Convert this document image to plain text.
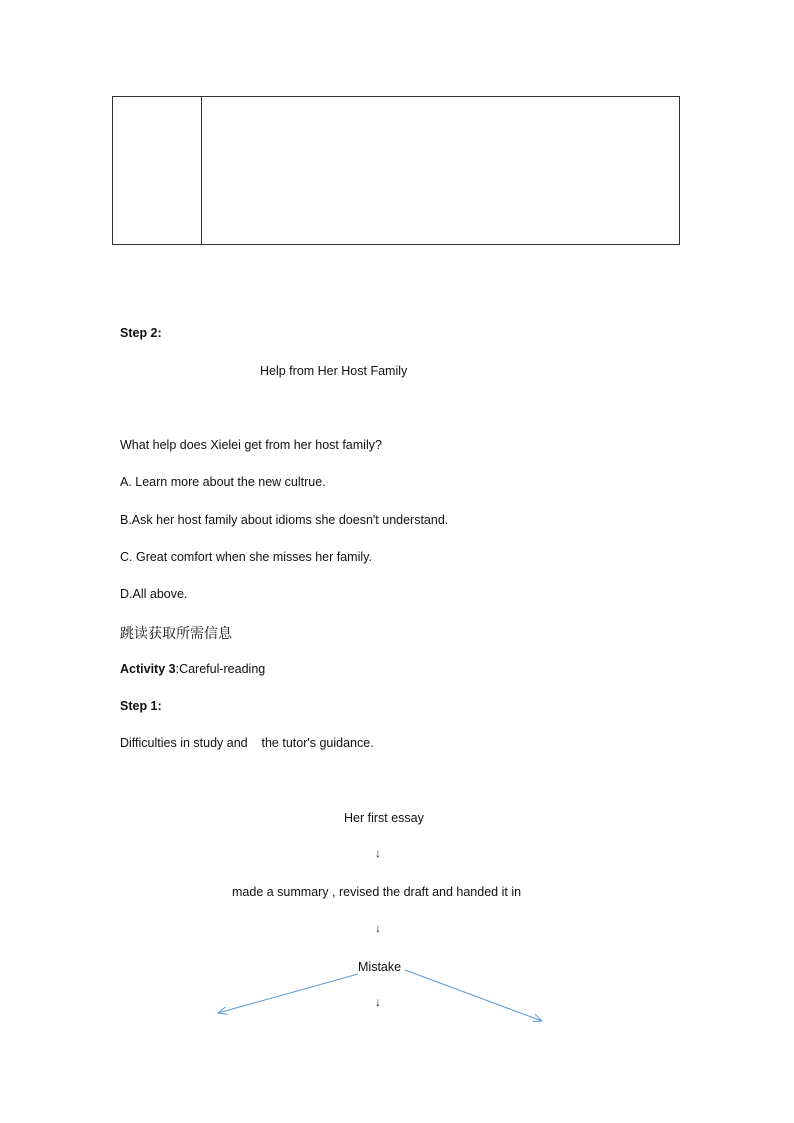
Step 2:
Help from Her Host Family
What help does Xielei get from her host family?
A. Learn more about the new cultrue.
B.Ask her host family about idioms she doesn't understand.
C. Great comfort when she misses her family.
D.All above.
跳读获取所需信息
Activity 3:Careful-reading
Step 1:
Difficulties in study and    the tutor's guidance.
Her first essay
↓
made a summary , revised the draft and handed it in
↓
Mistake
↓
